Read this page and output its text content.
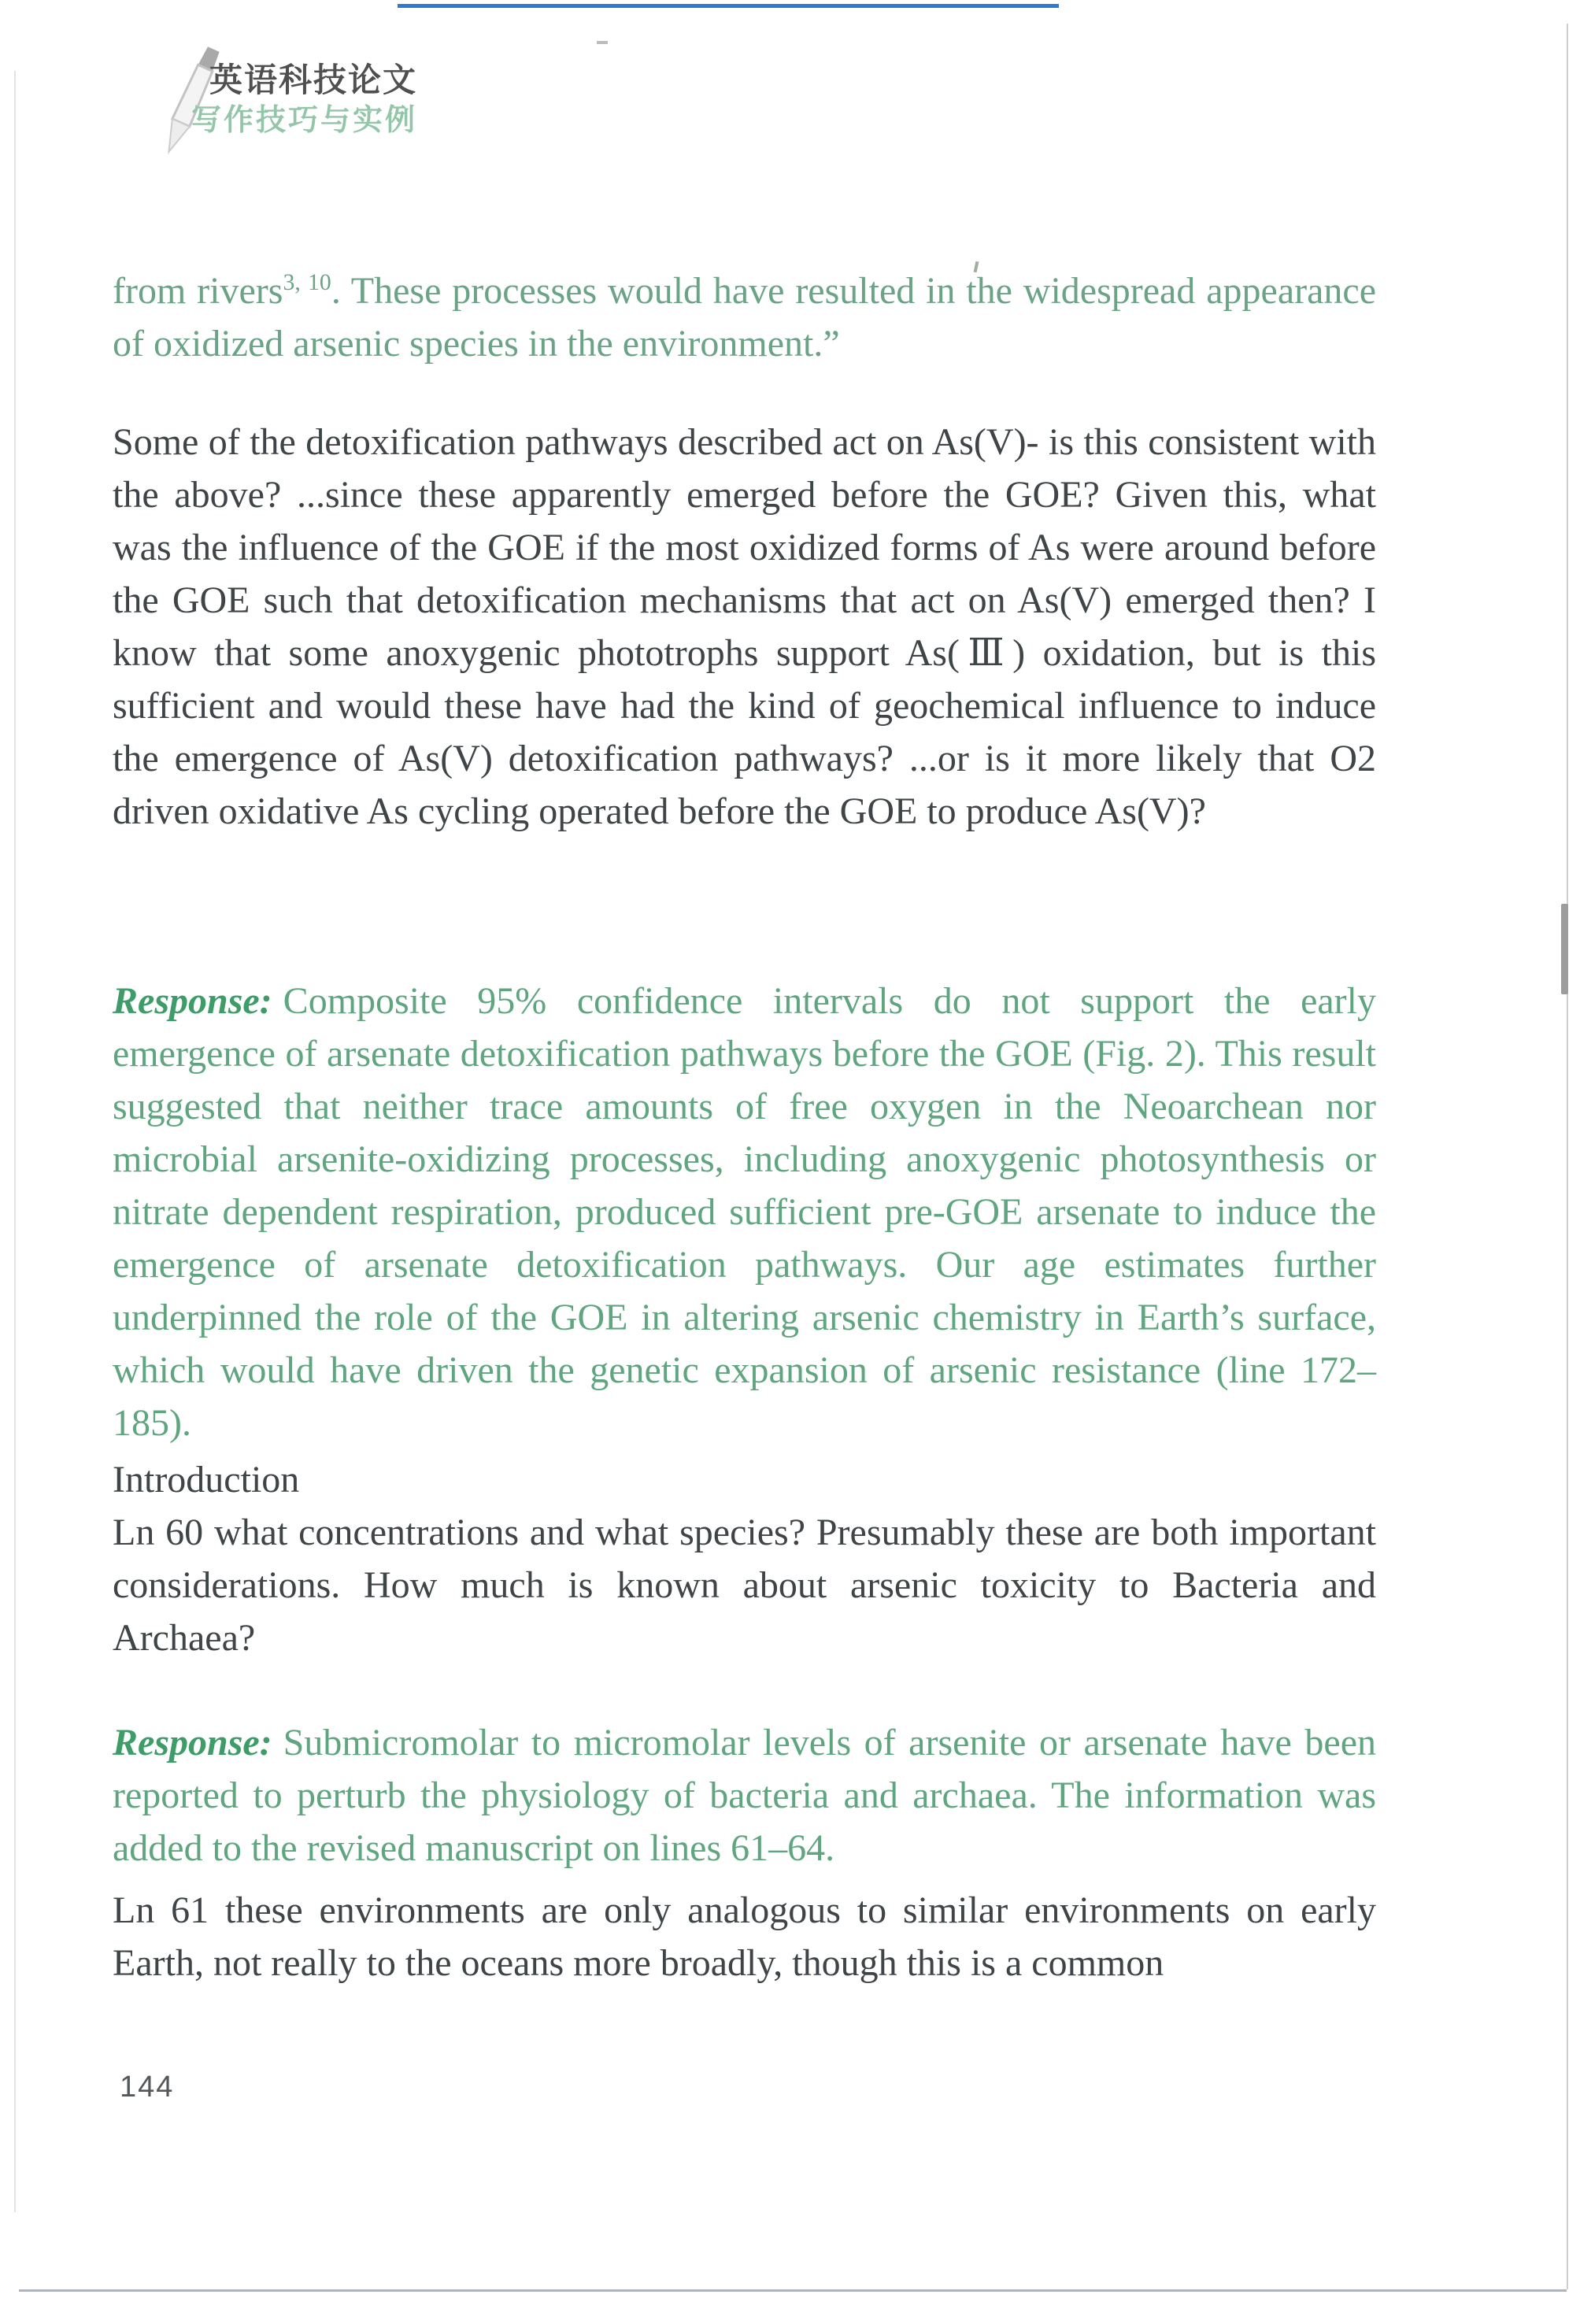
英语科技论文
写作技巧与实例
from rivers$^{3, 10}$. These processes would have resulted in the widespread appearance of oxidized arsenic species in the environment.”
Some of the detoxification pathways described act on As(V)- is this consistent with the above? ...since these apparently emerged before the GOE? Given this, what was the influence of the GOE if the most oxidized forms of As were around before the GOE such that detoxification mechanisms that act on As(V) emerged then? I know that some anoxygenic phototrophs support As(Ⅲ) oxidation, but is this sufficient and would these have had the kind of geochemical influence to induce the emergence of As(V) detoxification pathways? ...or is it more likely that O2 driven oxidative As cycling operated before the GOE to produce As(V)?
Response: Composite 95% confidence intervals do not support the early emergence of arsenate detoxification pathways before the GOE (Fig. 2). This result suggested that neither trace amounts of free oxygen in the Neoarchean nor microbial arsenite-oxidizing processes, including anoxygenic photosynthesis or nitrate dependent respiration, produced sufficient pre-GOE arsenate to induce the emergence of arsenate detoxification pathways. Our age estimates further underpinned the role of the GOE in altering arsenic chemistry in Earth’s surface, which would have driven the genetic expansion of arsenic resistance (line 172–185).
Introduction
Ln 60 what concentrations and what species? Presumably these are both important considerations. How much is known about arsenic toxicity to Bacteria and Archaea?
Response: Submicromolar to micromolar levels of arsenite or arsenate have been reported to perturb the physiology of bacteria and archaea. The information was added to the revised manuscript on lines 61–64.
Ln 61 these environments are only analogous to similar environments on early Earth, not really to the oceans more broadly, though this is a common
144
